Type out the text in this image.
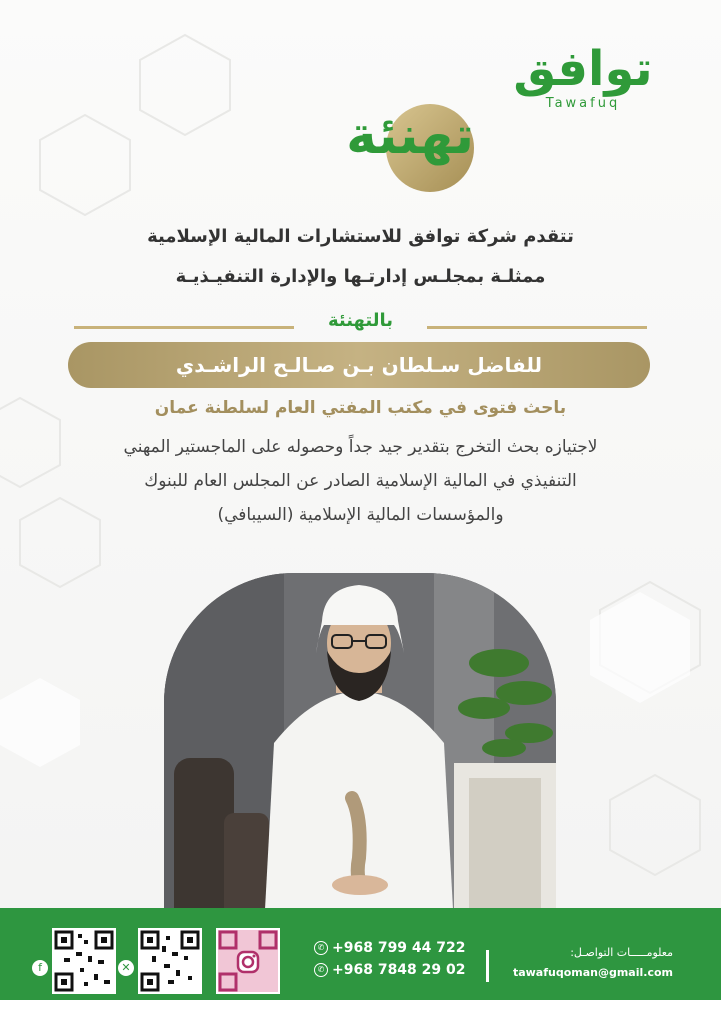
توافق
Tawafuq
تهنئة
تتقدم شركة توافق للاستشارات المالية الإسلامية
ممثلـة بمجلـس إدارتـها والإدارة التنفيـذيـة
بالتهنئة
للفاضل سـلطان بـن صـالـح الراشـدي
باحث فتوى في مكتب المفتي العام لسلطنة عمان
لاجتيازه بحث التخرج بتقدير جيد جداً وحصوله على الماجستير المهني
التنفيذي في المالية الإسلامية الصادر عن المجلس العام للبنوك
والمؤسسات المالية الإسلامية (السيبافي)
f	✕
✆ +968 799 44 722
✆ +968 7848 29 02
معلومـــــات التواصـل:
tawafuqoman@gmail.com
